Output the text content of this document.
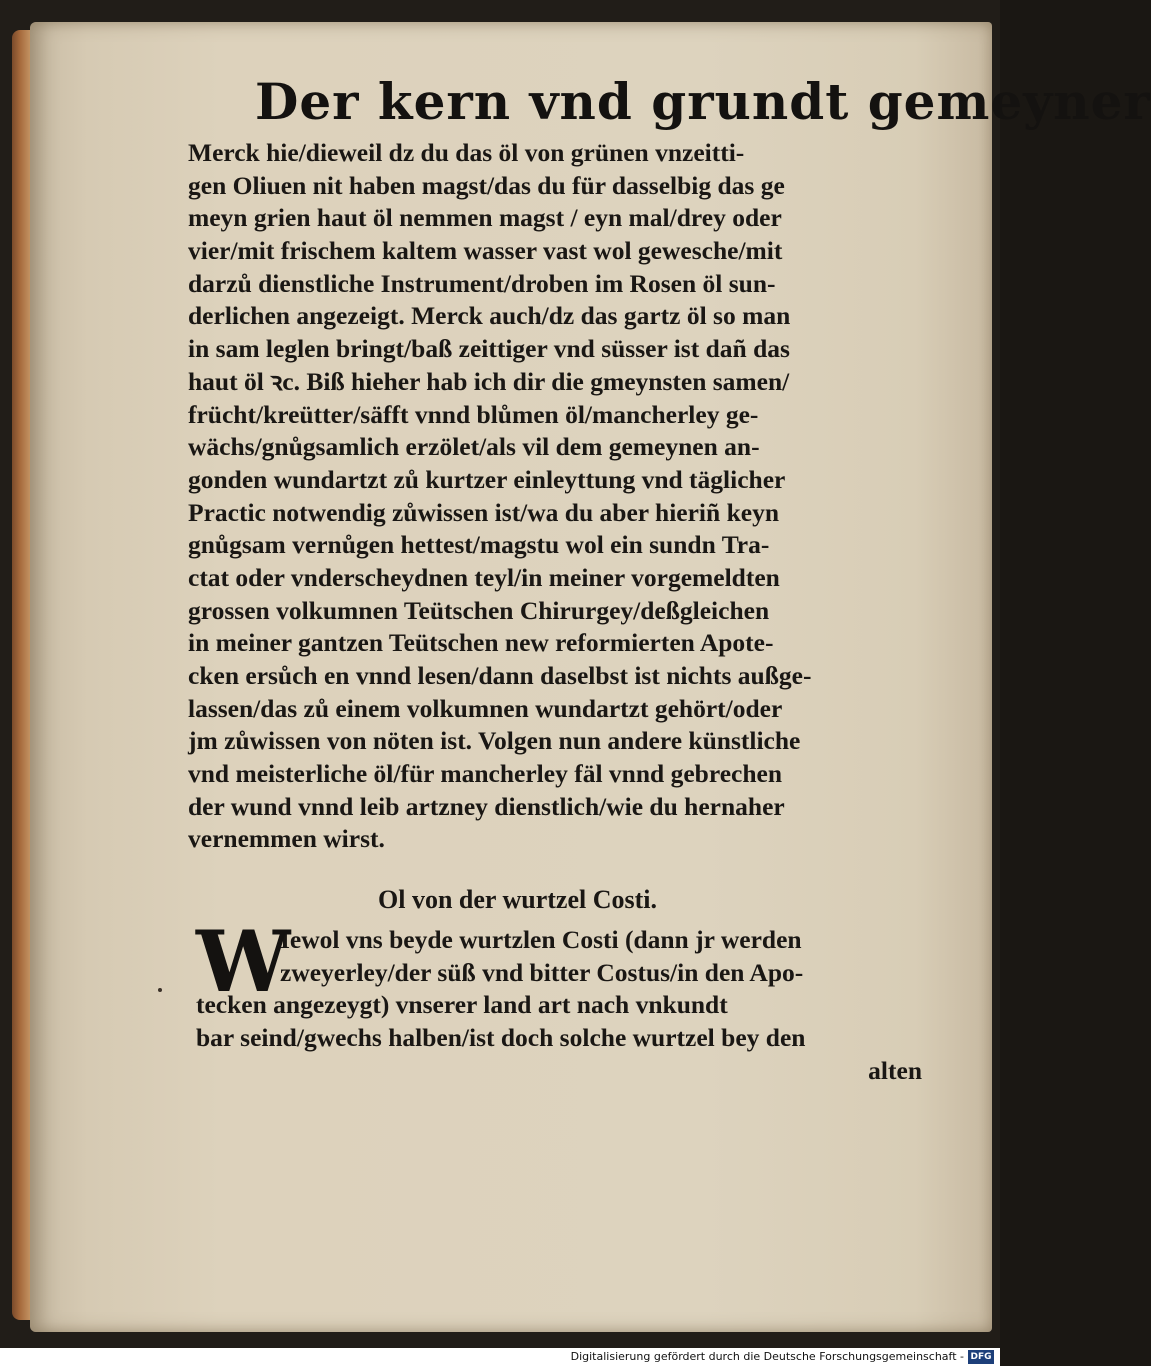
Der kern vnd grundt gemeyner
Merck hie/dieweil dz du das öl von grünen vnzeitti-
gen Oliuen nit haben magst/das du für dasselbig das ge
meyn grien haut öl nemmen magst / eyn mal/drey oder
vier/mit frischem kaltem wasser vast wol gewesche/mit
darzů dienstliche Instrument/droben im Rosen öl sun-
derlichen angezeigt. Merck auch/dz das gartz öl so man
in sam leglen bringt/baß zeittiger vnd süsser ist dañ das
haut öl ꝛc. Biß hieher hab ich dir die gmeynsten samen/
frücht/kreütter/säfft vnnd blůmen öl/mancherley ge-
wächs/gnůgsamlich erzölet/als vil dem gemeynen an-
gonden wundartzt zů kurtzer einleyttung vnd täglicher
Practic notwendig zůwissen ist/wa du aber hieriñ keyn
gnůgsam vernůgen hettest/magstu wol ein sundn Tra-
ctat oder vnderscheydnen teyl/in meiner vorgemeldten
grossen volkumnen Teütschen Chirurgey/deßgleichen
in meiner gantzen Teütschen new reformierten Apote-
cken ersůch en vnnd lesen/dann daselbst ist nichts außge-
lassen/das zů einem volkumnen wundartzt gehört/oder
jm zůwissen von nöten ist. Volgen nun andere künstliche
vnd meisterliche öl/für mancherley fäl vnnd gebrechen
der wund vnnd leib artzney dienstlich/wie du hernaher
vernemmen wirst.
Ol von der wurtzel Costi.
W
Iewol vns beyde wurtzlen Costi (dann jr werden
zweyerley/der süß vnd bitter Costus/in den Apo-
tecken angezeygt) vnserer land art nach vnkundt
bar seind/gwechs halben/ist doch solche wurtzel bey den
alten
Digitalisierung gefördert durch die Deutsche Forschungsgemeinschaft - DFG
